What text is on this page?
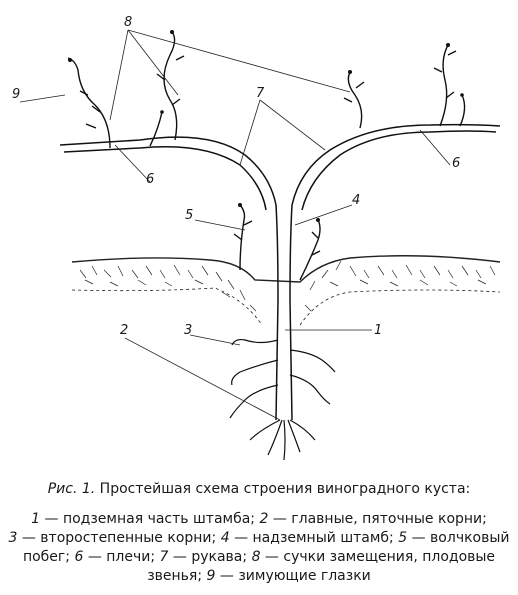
8
9	7
6
6
5
4
2	3	1
Рис. 1. Простейшая схема строения виноградного куста:
1 — подземная часть штамба; 2 — главные, пяточные корни;
3 — второстепенные корни; 4 — надземный штамб; 5 — волчковый
побег; 6 — плечи; 7 — рукава; 8 — сучки замещения, плодовые
звенья; 9 — зимующие глазки
